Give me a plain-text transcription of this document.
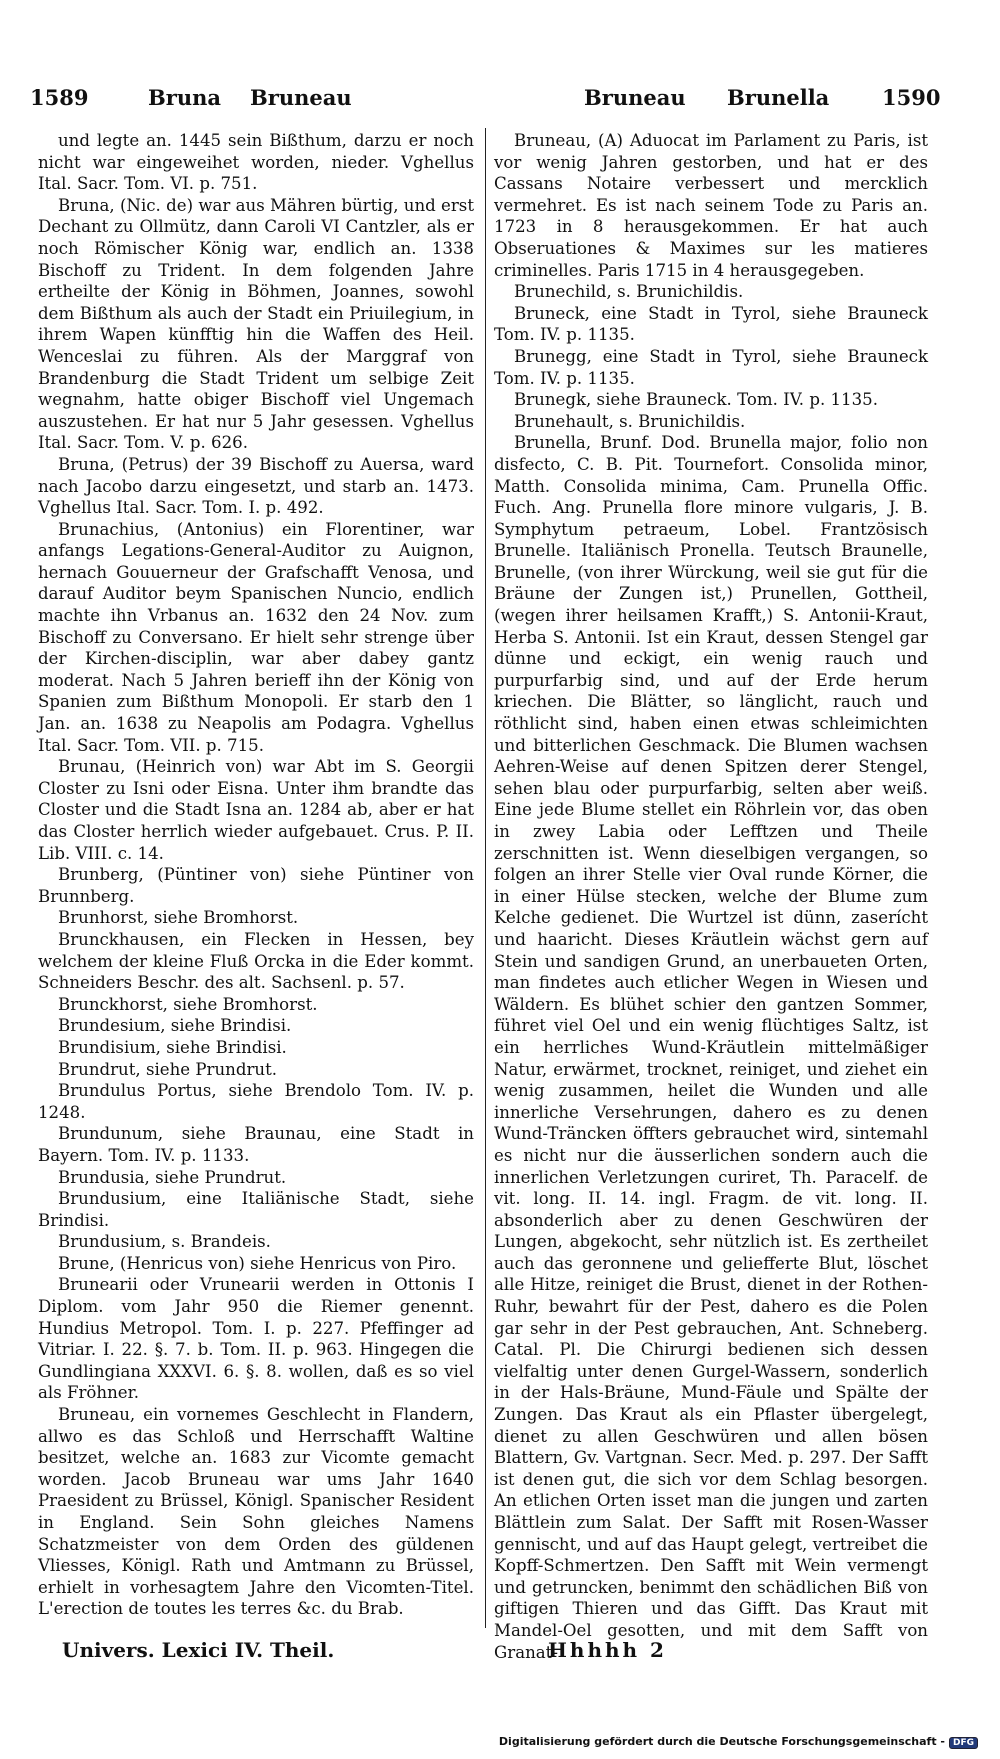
1589	Bruna Bruneau	Bruneau Brunella	1590

und legte an. 1445 sein Bißthum, darzu er noch nicht war eingeweihet worden, nieder. Vghellus Ital. Sacr. Tom. VI. p. 751.

Bruna, (Nic. de) war aus Mähren bürtig, und erst Dechant zu Ollmütz, dann Caroli VI Cantzler, als er noch Römischer König war, endlich an. 1338 Bischoff zu Trident. In dem folgenden Jahre ertheilte der König in Böhmen, Joannes, sowohl dem Bißthum als auch der Stadt ein Priuilegium, in ihrem Wapen künfftig hin die Waffen des Heil. Wenceslai zu führen. Als der Marggraf von Brandenburg die Stadt Trident um selbige Zeit wegnahm, hatte obiger Bischoff viel Ungemach auszustehen. Er hat nur 5 Jahr gesessen. Vghellus Ital. Sacr. Tom. V. p. 626.

Bruna, (Petrus) der 39 Bischoff zu Auersa, ward nach Jacobo darzu eingesetzt, und starb an. 1473. Vghellus Ital. Sacr. Tom. I. p. 492.

Brunachius, (Antonius) ein Florentiner, war anfangs Legations-General-Auditor zu Auignon, hernach Gouuerneur der Grafschafft Venosa, und darauf Auditor beym Spanischen Nuncio, endlich machte ihn Vrbanus an. 1632 den 24 Nov. zum Bischoff zu Conversano. Er hielt sehr strenge über der Kirchen-disciplin, war aber dabey gantz moderat. Nach 5 Jahren berieff ihn der König von Spanien zum Bißthum Monopoli. Er starb den 1 Jan. an. 1638 zu Neapolis am Podagra. Vghellus Ital. Sacr. Tom. VII. p. 715.

Brunau, (Heinrich von) war Abt im S. Georgii Closter zu Isni oder Eisna. Unter ihm brandte das Closter und die Stadt Isna an. 1284 ab, aber er hat das Closter herrlich wieder aufgebauet. Crus. P. II. Lib. VIII. c. 14.

Brunberg, (Püntiner von) siehe Püntiner von Brunnberg.

Brunhorst, siehe Bromhorst.

Brunckhausen, ein Flecken in Hessen, bey welchem der kleine Fluß Orcka in die Eder kommt. Schneiders Beschr. des alt. Sachsenl. p. 57.

Brunckhorst, siehe Bromhorst.

Brundesium, siehe Brindisi.

Brundisium, siehe Brindisi.

Brundrut, siehe Prundrut.

Brundulus Portus, siehe Brendolo Tom. IV. p. 1248.

Brundunum, siehe Braunau, eine Stadt in Bayern. Tom. IV. p. 1133.

Brundusia, siehe Prundrut.

Brundusium, eine Italiänische Stadt, siehe Brindisi.

Brundusium, s. Brandeis.

Brune, (Henricus von) siehe Henricus von Piro.

Brunearii oder Vrunearii werden in Ottonis I Diplom. vom Jahr 950 die Riemer genennt. Hundius Metropol. Tom. I. p. 227. Pfeffinger ad Vitriar. I. 22. §. 7. b. Tom. II. p. 963. Hingegen die Gundlingiana XXXVI. 6. §. 8. wollen, daß es so viel als Fröhner.

Bruneau, ein vornemes Geschlecht in Flandern, allwo es das Schloß und Herrschafft Waltine besitzet, welche an. 1683 zur Vicomte gemacht worden. Jacob Bruneau war ums Jahr 1640 Praesident zu Brüssel, Königl. Spanischer Resident in England. Sein Sohn gleiches Namens Schatzmeister von dem Orden des güldenen Vliesses, Königl. Rath und Amtmann zu Brüssel, erhielt in vorhesagtem Jahre den Vicomten-Titel. L'erection de toutes les terres &c. du Brab.

Bruneau, (A) Aduocat im Parlament zu Paris, ist vor wenig Jahren gestorben, und hat er des Cassans Notaire verbessert und mercklich vermehret. Es ist nach seinem Tode zu Paris an. 1723 in 8 herausgekommen. Er hat auch Obseruationes & Maximes sur les matieres criminelles. Paris 1715 in 4 herausgegeben.

Brunechild, s. Brunichildis.

Bruneck, eine Stadt in Tyrol, siehe Brauneck Tom. IV. p. 1135.

Brunegg, eine Stadt in Tyrol, siehe Brauneck Tom. IV. p. 1135.

Brunegk, siehe Brauneck. Tom. IV. p. 1135.

Brunehault, s. Brunichildis.

Brunella, Brunf. Dod. Brunella major, folio non disfecto, C. B. Pit. Tournefort. Consolida minor, Matth. Consolida minima, Cam. Prunella Offic. Fuch. Ang. Prunella flore minore vulgaris, J. B. Symphytum petraeum, Lobel. Frantzösisch Brunelle. Italiänisch Pronella. Teutsch Braunelle, Brunelle, (von ihrer Würckung, weil sie gut für die Bräune der Zungen ist,) Prunellen, Gottheil, (wegen ihrer heilsamen Krafft,) S. Antonii-Kraut, Herba S. Antonii. Ist ein Kraut, dessen Stengel gar dünne und eckigt, ein wenig rauch und purpurfarbig sind, und auf der Erde herum kriechen. Die Blätter, so länglicht, rauch und röthlicht sind, haben einen etwas schleimichten und bitterlichen Geschmack. Die Blumen wachsen Aehren-Weise auf denen Spitzen derer Stengel, sehen blau oder purpurfarbig, selten aber weiß. Eine jede Blume stellet ein Röhrlein vor, das oben in zwey Labia oder Lefftzen und Theile zerschnitten ist. Wenn dieselbigen vergangen, so folgen an ihrer Stelle vier Oval runde Körner, die in einer Hülse stecken, welche der Blume zum Kelche gedienet. Die Wurtzel ist dünn, zaserícht und haaricht. Dieses Kräutlein wächst gern auf Stein und sandigen Grund, an unerbaueten Orten, man findetes auch etlicher Wegen in Wiesen und Wäldern. Es blühet schier den gantzen Sommer, führet viel Oel und ein wenig flüchtiges Saltz, ist ein herrliches Wund-Kräutlein mittelmäßiger Natur, erwärmet, trocknet, reiniget, und ziehet ein wenig zusammen, heilet die Wunden und alle innerliche Versehrungen, dahero es zu denen Wund-Träncken öffters gebrauchet wird, sintemahl es nicht nur die äusserlichen sondern auch die innerlichen Verletzungen curiret, Th. Paracelf. de vit. long. II. 14. ingl. Fragm. de vit. long. II. absonderlich aber zu denen Geschwüren der Lungen, abgekocht, sehr nützlich ist. Es zertheilet auch das geronnene und geliefferte Blut, löschet alle Hitze, reiniget die Brust, dienet in der Rothen-Ruhr, bewahrt für der Pest, dahero es die Polen gar sehr in der Pest gebrauchen, Ant. Schneberg. Catal. Pl. Die Chirurgi bedienen sich dessen vielfaltig unter denen Gurgel-Wassern, sonderlich in der Hals-Bräune, Mund-Fäule und Spälte der Zungen. Das Kraut als ein Pflaster übergelegt, dienet zu allen Geschwüren und allen bösen Blattern, Gv. Vartgnan. Secr. Med. p. 297. Der Safft ist denen gut, die sich vor dem Schlag besorgen. An etlichen Orten isset man die jungen und zarten Blättlein zum Salat. Der Safft mit Rosen-Wasser gennischt, und auf das Haupt gelegt, vertreibet die Kopff-Schmertzen. Den Safft mit Wein vermengt und getruncken, benimmt den schädlichen Biß von giftigen Thieren und das Gifft. Das Kraut mit Mandel-Oel gesotten, und mit dem Safft von Granat-

Univers. Lexici IV. Theil.	Hhhhh 2
Digitalisierung gefördert durch die Deutsche Forschungsgemeinschaft - DFG
